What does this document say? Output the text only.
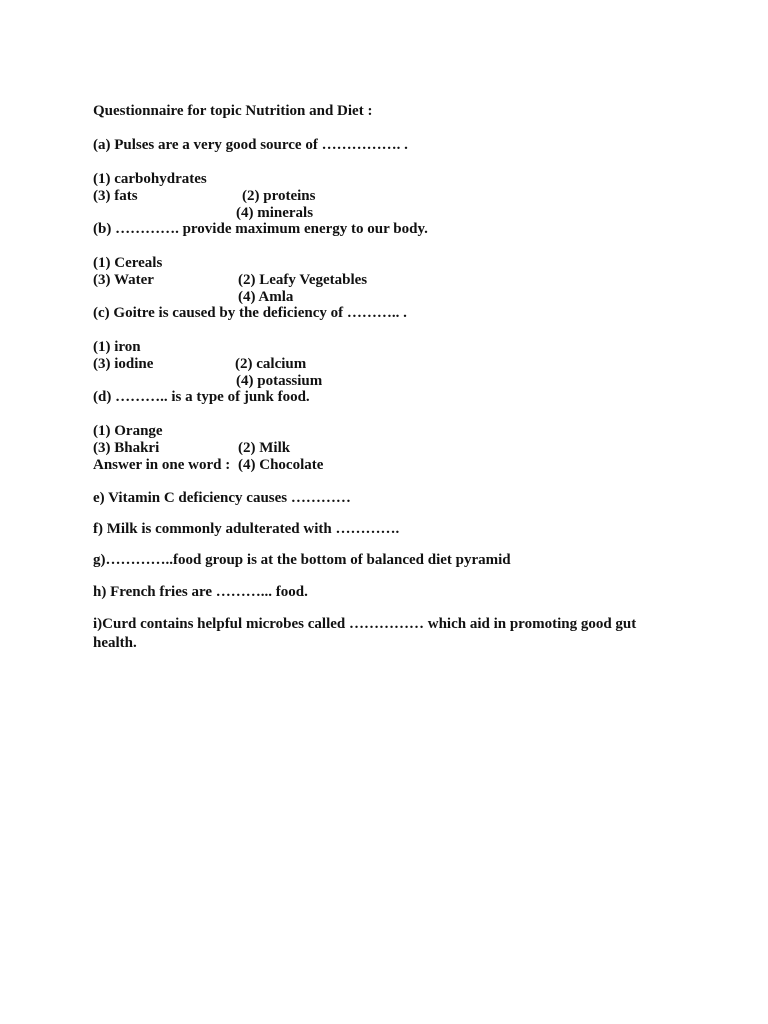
Questionnaire for topic Nutrition and Diet :
(a) Pulses are a very good source of ……………. .

(1) carbohydrates

(2) proteins

(3) fats

(4) minerals

(b) …………. provide maximum energy to our body.

(1) Cereals

(2) Leafy Vegetables

(3) Water

(4) Amla

(c) Goitre is caused by the deficiency of ……….. .

(1) iron

(2) calcium

(3) iodine

(4) potassium

(d) ……….. is a type of junk food.

(1) Orange

(2) Milk

(3) Bhakri

(4) Chocolate

Answer in one word :
e) Vitamin C deficiency causes …………
f) Milk is commonly adulterated with ………….
g)…………..food group is at the bottom of balanced diet pyramid
h) French fries are ………... food.
i)Curd contains helpful microbes called …………… which aid in promoting good gut health.
